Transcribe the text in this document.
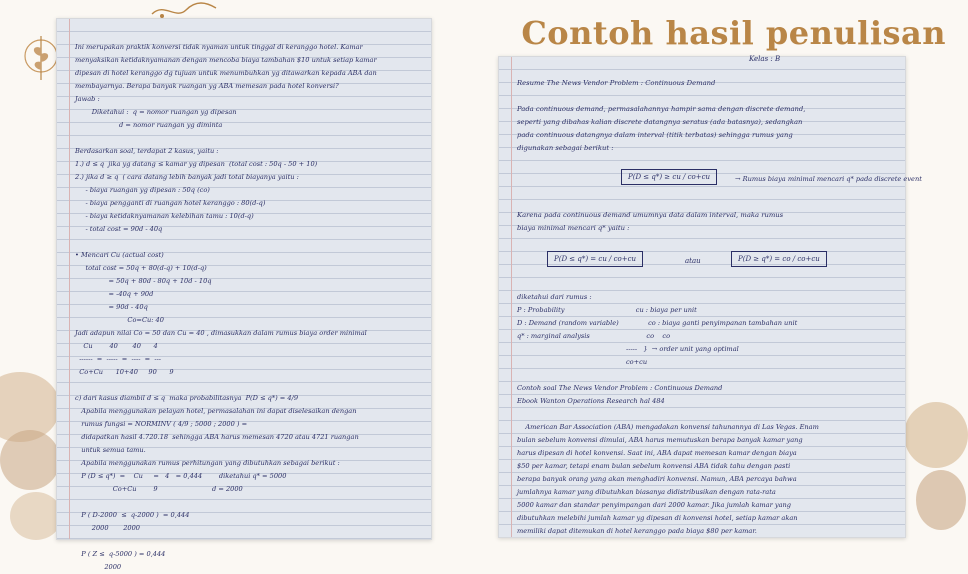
Contoh hasil penulisan
Ini merupakan praktik konversi tidak nyaman untuk tinggal di keranggo hotel. Kamar
menyaksikan ketidaknyamanan dengan mencoba biaya tambahan $10 untuk setiap kamar
dipesan di hotel keranggo dg tujuan untuk menumbuhkan yg ditawarkan kepada ABA dan
membayarnya. Berapa banyak ruangan yg ABA memesan pada hotel konversi?
Jawab :
Diketahui :  q = nomor ruangan yg dipesan
d = nomor ruangan yg diminta

Berdasarkan soal, terdapat 2 kasus, yaitu :
1.) d ≤ q  jika yg datang ≤ kamar yg dipesan  (total cost : 50q - 50 + 10)
2.) jika d ≥ q  ( cara datang lebih banyak jadi total biayanya yaitu :
- biaya ruangan yg dipesan : 50q (co)
- biaya pengganti di ruangan hotel keranggo : 80(d-q)
- biaya ketidaknyamanan kelebihan tamu : 10(d-q)
- total cost = 90d - 40q

• Mencari Cu (actual cost)
total cost = 50q + 80(d-q) + 10(d-q)
= 50q + 80d - 80q + 10d - 10q
= -40q + 90d
= 90d - 40q
Co=Cu: 40
Jadi adapun nilai Co = 50 dan Cu = 40 , dimasukkan dalam rumus biaya order minimal
Cu        40       40      4
------  =  -----  =  ----  =  ---
Co+Cu      10+40     90      9

c) dari kasus diambil d ≤ q  maka probabilitasnya  P(D ≤ q*) = 4/9
Apabila menggunakan pelayan hotel, permasalahan ini dapat diselesaikan dengan
rumus fungsi = NORMINV ( 4/9 ; 5000 ; 2000 ) =
didapatkan hasil 4.720.18  sehingga ABA harus memesan 4720 atau 4721 ruangan
untuk semua tamu.
Apabila menggunakan rumus perhitungan yang dibutuhkan sebagai berikut :
P (D ≤ q*)  =    Cu     =   4   = 0,444        diketahui q* = 5000
Co+Cu        9                          d = 2000

P ( D-2000  ≤  q-2000 )  = 0,444
2000       2000

P ( Z ≤  q-5000 ) = 0,444
2000
Kelas : B
Resume The News Vendor Problem : Continuous Demand

Pada continuous demand, permasalahannya hampir sama dengan discrete demand,
seperti yang dibahas kalian discrete datangnya seratus (ada batasnya), sedangkan
pada continuous datangnya dalam interval (titik terbatas) sehingga rumus yang
digunakan sebagai berikut :
P(D ≤ q*) ≥ cu / co+cu	→ Rumus biaya minimal mencari q* pada discrete event
Karena pada continuous demand umumnya data dalam interval, maka rumus
biaya minimal mencari q* yaitu :
P(D ≤ q*) = cu / co+cu	atau	P(D ≥ q*) = co / co+cu
diketahui dari rumus :
P : Probability                                  cu : biaya per unit
D : Demand (random variable)              co : biaya ganti penyimpanan tambahan unit
q* : marginal analysis                           co    co
-----   }  → order unit yang optimal
co+cu

Contoh soal The News Vendor Problem : Continuous Demand
Ebook Wanton Operations Research hal 484

American Bar Association (ABA) mengadakan konvensi tahunannya di Las Vegas. Enam
bulan sebelum konvensi dimulai, ABA harus memutuskan berapa banyak kamar yang
harus dipesan di hotel konvensi. Saat ini, ABA dapat memesan kamar dengan biaya
$50 per kamar, tetapi enam bulan sebelum konvensi ABA tidak tahu dengan pasti
berapa banyak orang yang akan menghadiri konvensi. Namun, ABA percaya bahwa
jumlahnya kamar yang dibutuhkan biasanya didistribusikan dengan rata-rata
5000 kamar dan standar penyimpangan dari 2000 kamar. Jika jumlah kamar yang
dibutuhkan melebihi jumlah kamar yg dipesan di konvensi hotel, setiap kamar akan
memiliki dapat ditemukan di hotel keranggo pada biaya $80 per kamar.
